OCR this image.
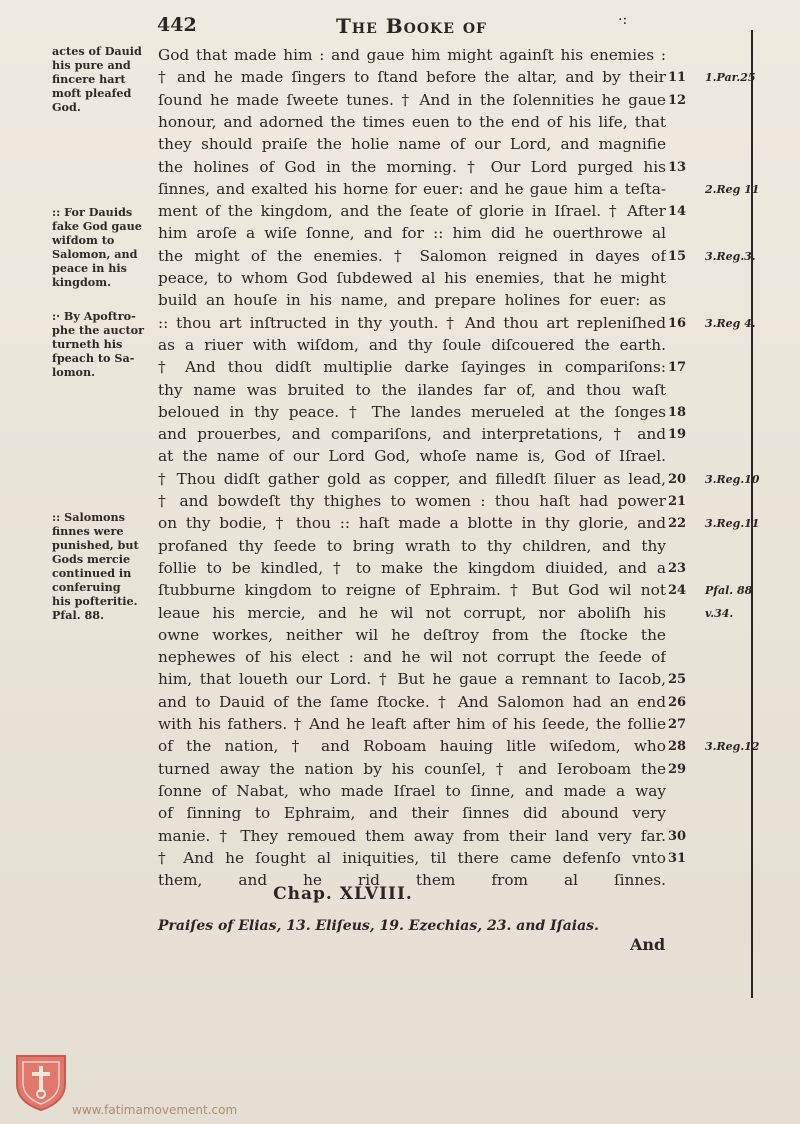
442	The Booke of	·:
actes of Dauid
his pure and
fincere hart
moft pleafed
God.
:: For Dauids
fake God gaue
wifdom to
Salomon, and
peace in his
kingdom.
:· By Apoftro-
phe the auctor
turneth his
fpeach to Sa-
lomon.
:: Salomons
finnes were
punished, but
Gods mercie
continued in
conferuing
his pofteritie.
Pfal. 88.
God that made him : and gaue him might againſt his enemies :
† and he made ſingers to ſtand before the altar, and by their
ſound he made ſweete tunes. † And in the ſolennities he gaue
honour, and adorned the times euen to the end of his life, that
they should praiſe the holie name of our Lord, and magnifie
the holines of God in the morning. † Our Lord purged his
ſinnes, and exalted his horne for euer: and he gaue him a teſta-
ment of the kingdom, and the ſeate of glorie in Iſrael. † After
him aroſe a wiſe ſonne, and for :: him did he ouerthrowe al
the might of the enemies. † Salomon reigned in dayes of
peace, to whom God ſubdewed al his enemies, that he might
build an houſe in his name, and prepare holines for euer: as
:: thou art inſtructed in thy youth. † And thou art repleniſhed
as a riuer with wiſdom, and thy ſoule diſcouered the earth.
† And thou didſt multiplie darke ſayinges in compariſons:
thy name was bruited to the ilandes far of, and thou waſt
beloued in thy peace. † The landes merueled at the ſonges
and prouerbes, and compariſons, and interpretations, † and
at the name of our Lord God, whoſe name is, God of Iſrael.
† Thou didſt gather gold as copper, and filledſt ſiluer as lead,
† and bowdeſt thy thighes to women : thou haſt had power
on thy bodie, † thou :: haſt made a blotte in thy glorie, and
profaned thy ſeede to bring wrath to thy children, and thy
follie to be kindled, † to make the kingdom diuided, and a
ſtubburne kingdom to reigne of Ephraim. † But God wil not
leaue his mercie, and he wil not corrupt, nor aboliſh his
owne workes, neither wil he deſtroy from the ſtocke the
nephewes of his elect : and he wil not corrupt the ſeede of
him, that loueth our Lord. † But he gaue a remnant to Iacob,
and to Dauid of the ſame ſtocke. † And Salomon had an end
with his fathers. † And he leaft after him of his ſeede, the follie
of the nation, † and Roboam hauing litle wiſedom, who
turned away the nation by his counſel, † and Ieroboam the
ſonne of Nabat, who made Iſrael to ſinne, and made a way
of ſinning to Ephraim, and their ſinnes did abound very
manie. † They remoued them away from their land very far.
† And he ſought al iniquities, til there came defenſo vnto
them, and he rid them from al ſinnes.
11
12
13
14
15
16
17
18
19
20
21
22
23
24
25
26
27
28
29
30
31
1.Par.25
2.Reg 11
3.Reg.3.
3.Reg 4.
3.Reg.10
3.Reg.11
Pfal. 88
v.34.
3.Reg.12
Chap. XLVIII.
Praiſes of Elias, 13. Eliſeus, 19. Ezechias, 23. and Iſaias.
And
www.fatimamovement.com
